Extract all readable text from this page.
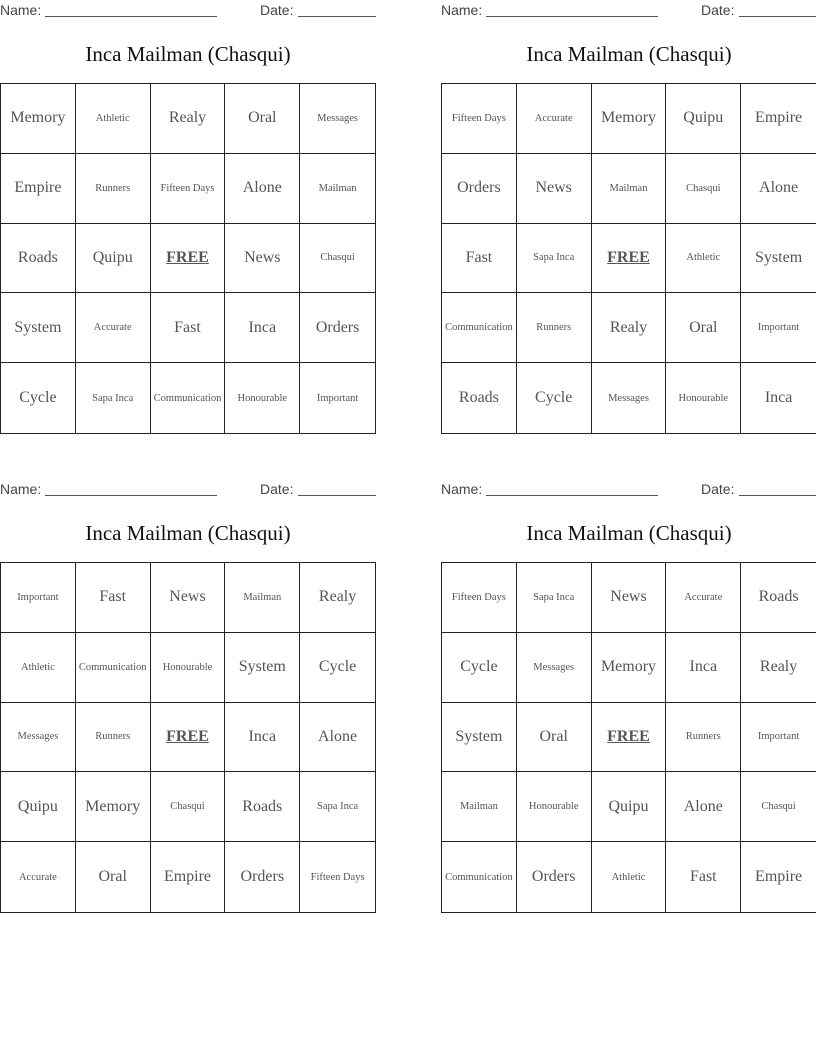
Name:	Date:
Inca Mailman (Chasqui)
Memory	Athletic	Realy	Oral	Messages
Empire	Runners	Fifteen Days	Alone	Mailman
Roads	Quipu	FREE	News	Chasqui
System	Accurate	Fast	Inca	Orders
Cycle	Sapa Inca	Communication	Honourable	Important
Name:	Date:
Inca Mailman (Chasqui)
Fifteen Days	Accurate	Memory	Quipu	Empire
Orders	News	Mailman	Chasqui	Alone
Fast	Sapa Inca	FREE	Athletic	System
Communication	Runners	Realy	Oral	Important
Roads	Cycle	Messages	Honourable	Inca
Name:	Date:
Inca Mailman (Chasqui)
Important	Fast	News	Mailman	Realy
Athletic	Communication	Honourable	System	Cycle
Messages	Runners	FREE	Inca	Alone
Quipu	Memory	Chasqui	Roads	Sapa Inca
Accurate	Oral	Empire	Orders	Fifteen Days
Name:	Date:
Inca Mailman (Chasqui)
Fifteen Days	Sapa Inca	News	Accurate	Roads
Cycle	Messages	Memory	Inca	Realy
System	Oral	FREE	Runners	Important
Mailman	Honourable	Quipu	Alone	Chasqui
Communication	Orders	Athletic	Fast	Empire
